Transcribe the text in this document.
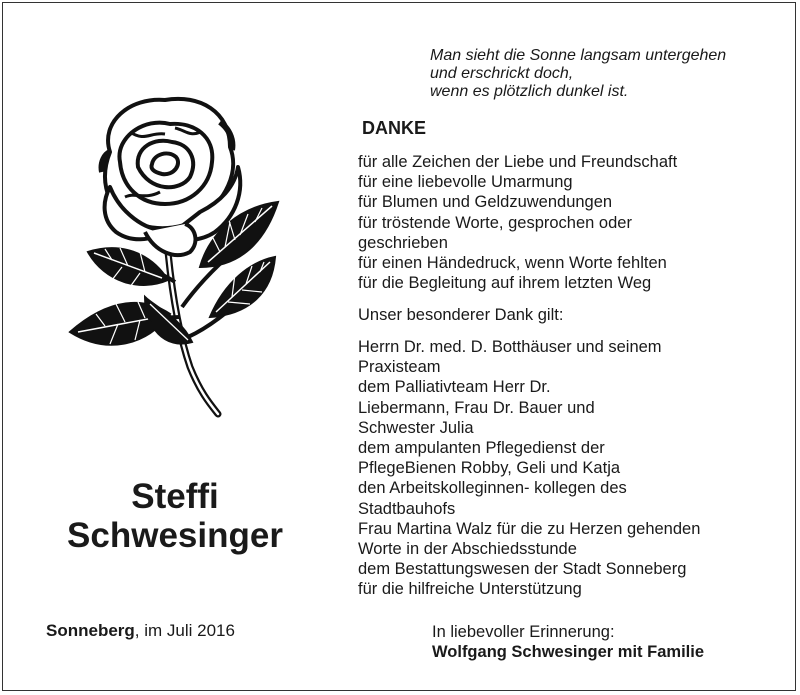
Man sieht die Sonne langsam untergehen
und erschrickt doch,
wenn es plötzlich dunkel ist.
DANKE
für alle Zeichen der Liebe und Freundschaft
für eine liebevolle Umarmung
für Blumen und Geldzuwendungen
für tröstende Worte, gesprochen oder
geschrieben
für einen Händedruck, wenn Worte fehlten
für die Begleitung auf ihrem letzten Weg
Unser besonderer Dank gilt:
Herrn Dr. med. D. Botthäuser und seinem
Praxisteam
dem Palliativteam Herr Dr.
Liebermann, Frau Dr. Bauer und
Schwester Julia
dem ampulanten Pflegedienst der
PflegeBienen Robby, Geli und Katja
den Arbeitskolleginnen- kollegen des
Stadtbauhofs
Frau Martina Walz für die zu Herzen gehenden
Worte in der Abschiedsstunde
dem Bestattungswesen der Stadt Sonneberg
für die hilfreiche Unterstützung
Steffi
Schwesinger
Sonneberg, im Juli 2016	In liebevoller Erinnerung:
Wolfgang Schwesinger mit Familie
